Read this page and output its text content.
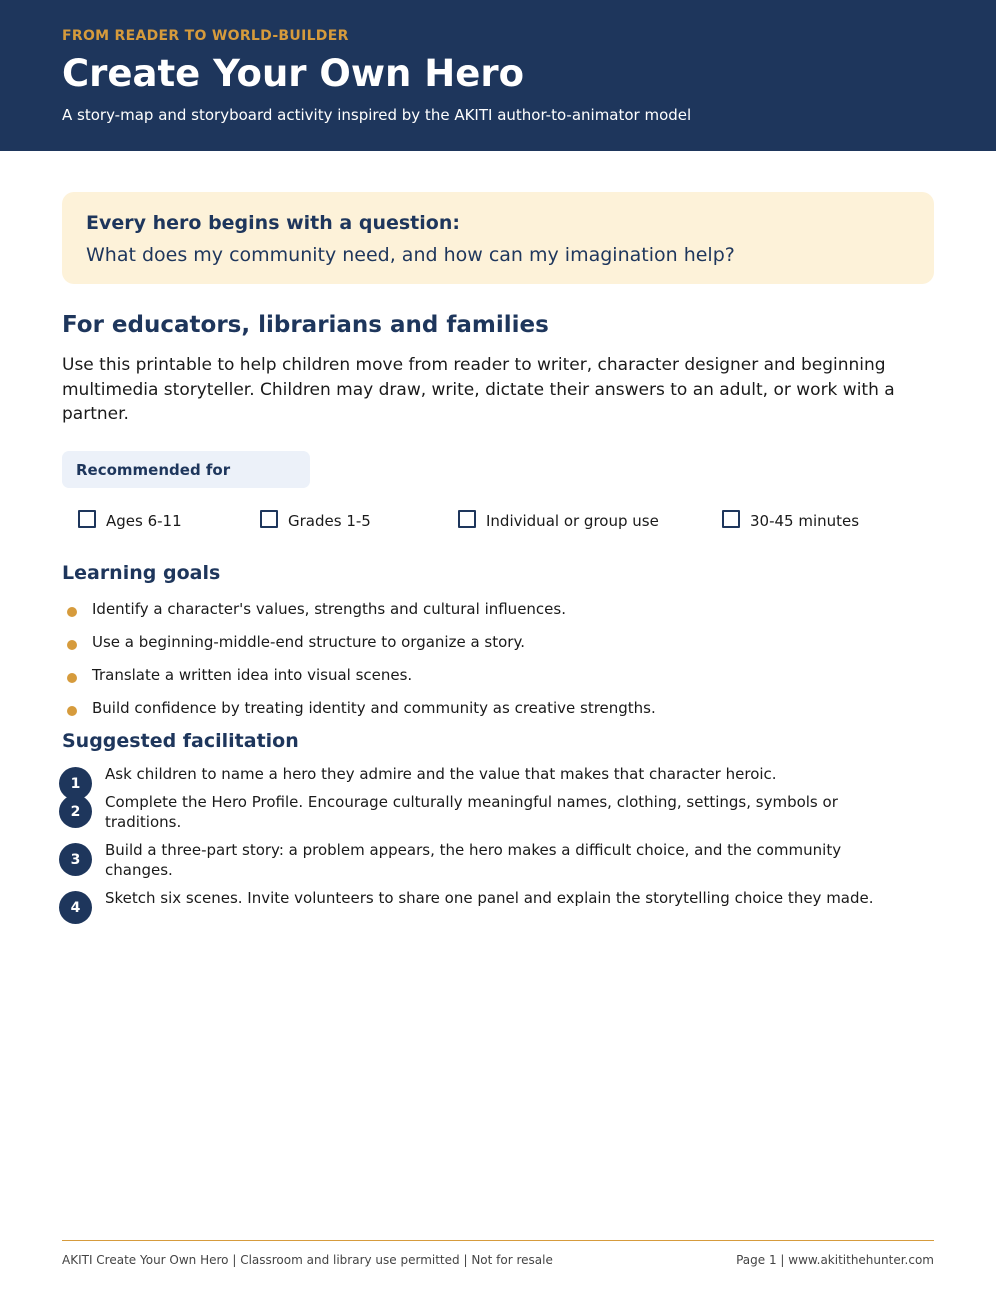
FROM READER TO WORLD-BUILDER
Create Your Own Hero
A story-map and storyboard activity inspired by the AKITI author-to-animator model
Every hero begins with a question:
What does my community need, and how can my imagination help?
For educators, librarians and families
Use this printable to help children move from reader to writer, character designer and beginning multimedia storyteller. Children may draw, write, dictate their answers to an adult, or work with a partner.
Recommended for
Ages 6-11	Grades 1-5	Individual or group use	30-45 minutes
Learning goals
Identify a character's values, strengths and cultural influences.
Use a beginning-middle-end structure to organize a story.
Translate a written idea into visual scenes.
Build confidence by treating identity and community as creative strengths.
Suggested facilitation
1
Ask children to name a hero they admire and the value that makes that character heroic.
2
Complete the Hero Profile. Encourage culturally meaningful names, clothing, settings, symbols or traditions.
3
Build a three-part story: a problem appears, the hero makes a difficult choice, and the community changes.
4
Sketch six scenes. Invite volunteers to share one panel and explain the storytelling choice they made.
AKITI Create Your Own Hero | Classroom and library use permitted | Not for resale	Page 1 | www.akitithehunter.com
